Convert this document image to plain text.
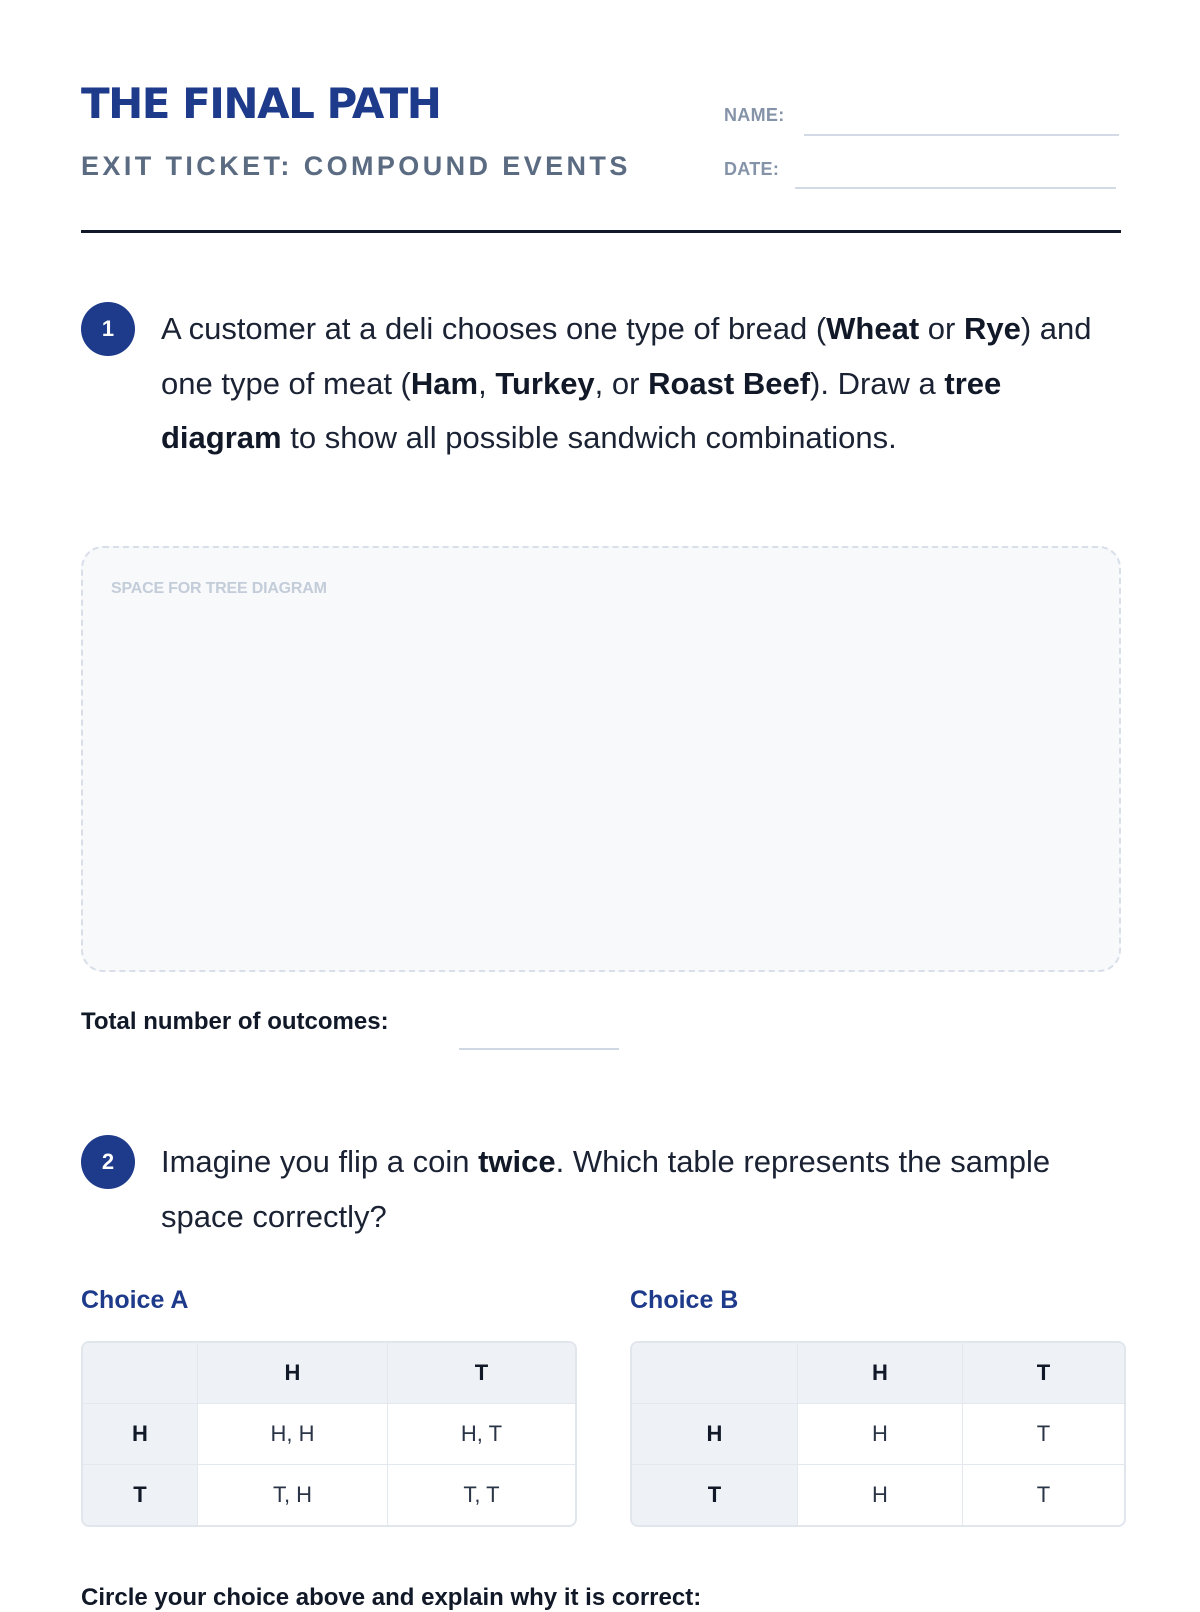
THE FINAL PATH
EXIT TICKET: COMPOUND EVENTS
NAME:
DATE:
1	A customer at a deli chooses one type of bread (Wheat or Rye) and one type of meat (Ham, Turkey, or Roast Beef). Draw a tree diagram to show all possible sandwich combinations.

SPACE FOR TREE DIAGRAM
Total number of outcomes:
2	Imagine you flip a coin twice. Which table represents the sample space correctly?

Choice A	Choice B
	H	T
H	H, H	H, T
T	T, H	T, T
	H	T
H	H	T
T	H	T
Circle your choice above and explain why it is correct:
